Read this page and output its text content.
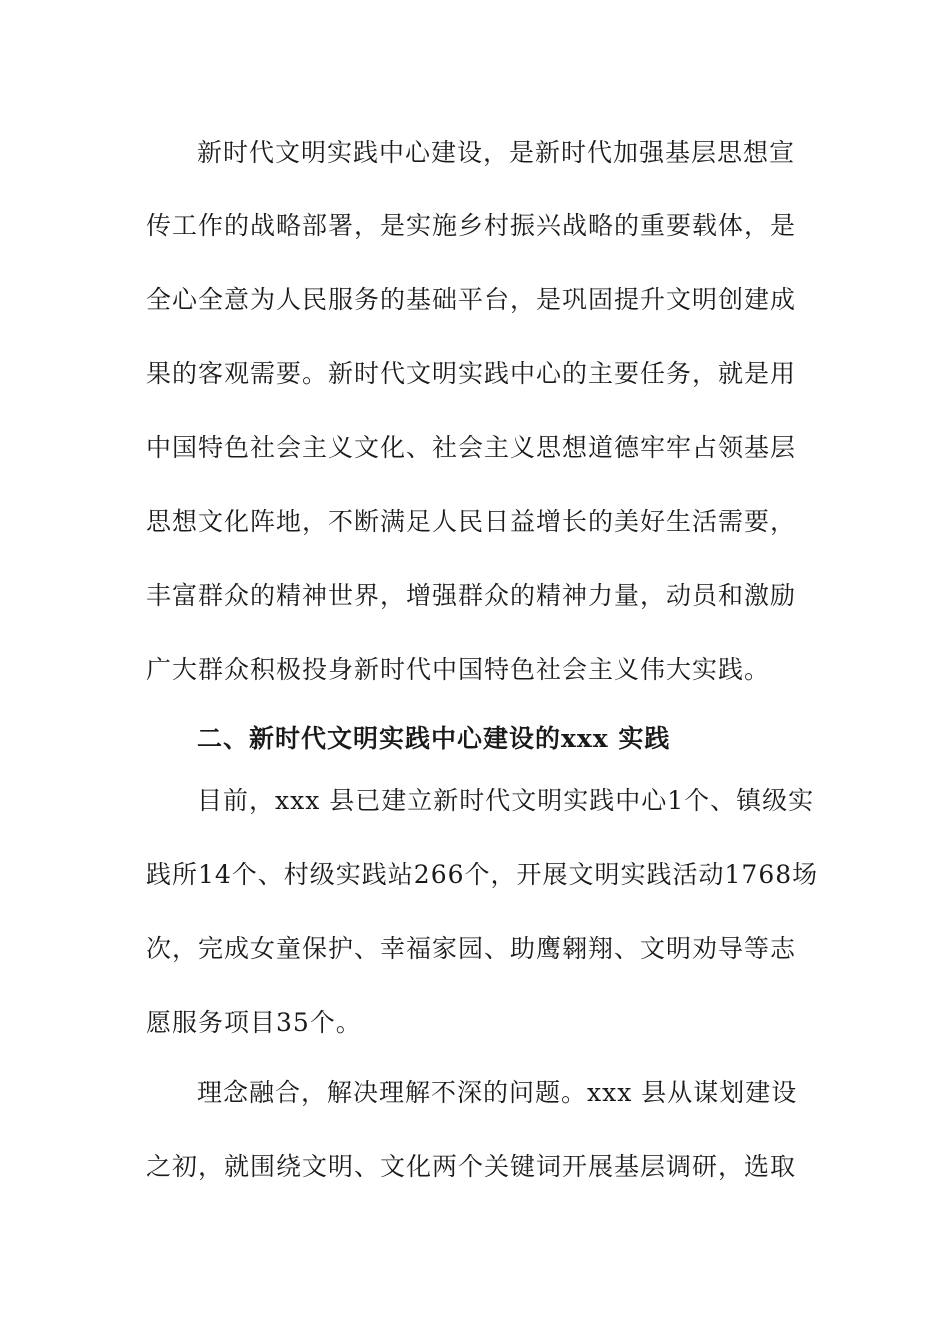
新时代文明实践中心建设，是新时代加强基层思想宣
传工作的战略部署，是实施乡村振兴战略的重要载体，是
全心全意为人民服务的基础平台，是巩固提升文明创建成
果的客观需要。新时代文明实践中心的主要任务，就是用
中国特色社会主义文化、社会主义思想道德牢牢占领基层
思想文化阵地，不断满足人民日益增长的美好生活需要，
丰富群众的精神世界，增强群众的精神力量，动员和激励
广大群众积极投身新时代中国特色社会主义伟大实践。
二、新时代文明实践中心建设的xxx 实践
目前，xxx 县已建立新时代文明实践中心1个、镇级实
践所14个、村级实践站266个，开展文明实践活动1768场
次，完成女童保护、幸福家园、助鹰翱翔、文明劝导等志
愿服务项目35个。
理念融合，解决理解不深的问题。xxx 县从谋划建设
之初，就围绕文明、文化两个关键词开展基层调研，选取
